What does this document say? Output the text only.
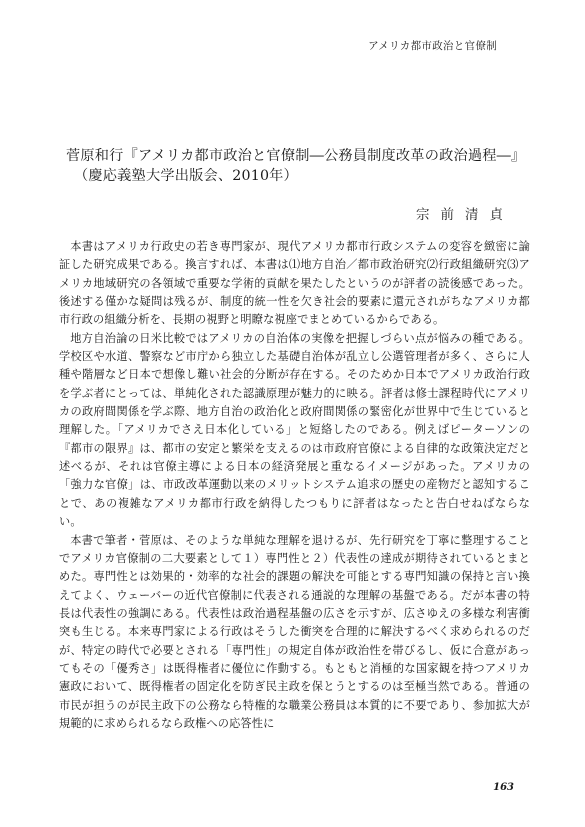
アメリカ都市政治と官僚制
菅原和行『アメリカ都市政治と官僚制―公務員制度改革の政治過程―』
（慶応義塾大学出版会、2010年）
宗前清貞

本書はアメリカ行政史の若き専門家が、現代アメリカ都市行政システムの変容を緻密に論証した研究成果である。換言すれば、本書は⑴地方自治／都市政治研究⑵行政組織研究⑶アメリカ地域研究の各領域で重要な学術的貢献を果たしたというのが評者の読後感であった。後述する僅かな疑問は残るが、制度的統一性を欠き社会的要素に還元されがちなアメリカ都市行政の組織分析を、長期の視野と明瞭な視座でまとめているからである。

地方自治論の日米比較ではアメリカの自治体の実像を把握しづらい点が悩みの種である。学校区や水道、警察など市庁から独立した基礎自治体が乱立し公選管理者が多く、さらに人種や階層など日本で想像し難い社会的分断が存在する。そのためか日本でアメリカ政治行政を学ぶ者にとっては、単純化された認識原理が魅力的に映る。評者は修士課程時代にアメリカの政府間関係を学ぶ際、地方自治の政治化と政府間関係の緊密化が世界中で生じていると理解した。「アメリカでさえ日本化している」と短絡したのである。例えばピーターソンの『都市の限界』は、都市の安定と繁栄を支えるのは市政府官僚による自律的な政策決定だと述べるが、それは官僚主導による日本の経済発展と重なるイメージがあった。アメリカの「強力な官僚」は、市政改革運動以来のメリットシステム追求の歴史の産物だと認知することで、あの複雑なアメリカ都市行政を納得したつもりに評者はなったと告白せねばならない。

本書で筆者・菅原は、そのような単純な理解を退けるが、先行研究を丁寧に整理することでアメリカ官僚制の二大要素として１）専門性と２）代表性の達成が期待されているとまとめた。専門性とは効果的・効率的な社会的課題の解決を可能とする専門知識の保持と言い換えてよく、ウェーバーの近代官僚制に代表される通説的な理解の基盤である。だが本書の特長は代表性の強調にある。代表性は政治過程基盤の広さを示すが、広さゆえの多様な利害衝突も生じる。本来専門家による行政はそうした衝突を合理的に解決するべく求められるのだが、特定の時代で必要とされる「専門性」の規定自体が政治性を帯びるし、仮に合意があってもその「優秀さ」は既得権者に優位に作動する。もともと消極的な国家観を持つアメリカ憲政において、既得権者の固定化を防ぎ民主政を保とうとするのは至極当然である。普通の市民が担うのが民主政下の公務なら特権的な職業公務員は本質的に不要であり、参加拡大が規範的に求められるなら政権への応答性に

163
